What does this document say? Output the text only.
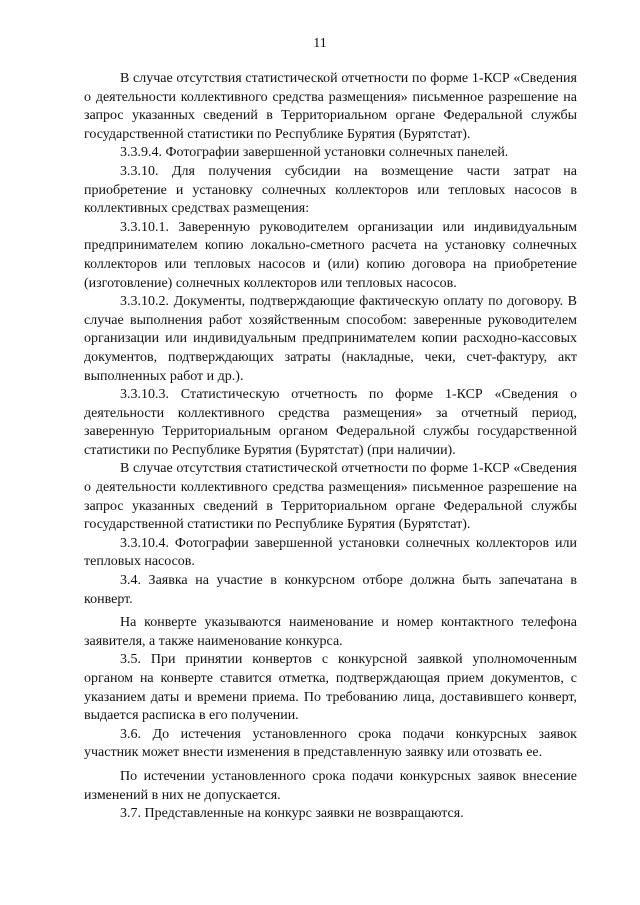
11

В случае отсутствия статистической отчетности по форме 1-КСР «Сведения о деятельности коллективного средства размещения» письменное разрешение на запрос указанных сведений в Территориальном органе Федеральной службы государственной статистики по Республике Бурятия (Бурятстат).

3.3.9.4. Фотографии завершенной установки солнечных панелей.

3.3.10. Для получения субсидии на возмещение части затрат на приобретение и установку солнечных коллекторов или тепловых насосов в коллективных средствах размещения:

3.3.10.1. Заверенную руководителем организации или индивидуальным предпринимателем копию локально-сметного расчета на установку солнечных коллекторов или тепловых насосов и (или) копию договора на приобретение (изготовление) солнечных коллекторов или тепловых насосов.

3.3.10.2. Документы, подтверждающие фактическую оплату по договору. В случае выполнения работ хозяйственным способом: заверенные руководителем организации или индивидуальным предпринимателем копии расходно-кассовых документов, подтверждающих затраты (накладные, чеки, счет-фактуру, акт выполненных работ и др.).

3.3.10.3. Статистическую отчетность по форме 1-КСР «Сведения о деятельности коллективного средства размещения» за отчетный период, заверенную Территориальным органом Федеральной службы государственной статистики по Республике Бурятия (Бурятстат) (при наличии).

В случае отсутствия статистической отчетности по форме 1-КСР «Сведения о деятельности коллективного средства размещения» письменное разрешение на запрос указанных сведений в Территориальном органе Федеральной службы государственной статистики по Республике Бурятия (Бурятстат).

3.3.10.4. Фотографии завершенной установки солнечных коллекторов или тепловых насосов.

3.4. Заявка на участие в конкурсном отборе должна быть запечатана в конверт.

На конверте указываются наименование и номер контактного телефона заявителя, а также наименование конкурса.

3.5. При принятии конвертов с конкурсной заявкой уполномоченным органом на конверте ставится отметка, подтверждающая прием документов, с указанием даты и времени приема. По требованию лица, доставившего конверт, выдается расписка в его получении.

3.6. До истечения установленного срока подачи конкурсных заявок участник может внести изменения в представленную заявку или отозвать ее.

По истечении установленного срока подачи конкурсных заявок внесение изменений в них не допускается.

3.7. Представленные на конкурс заявки не возвращаются.
